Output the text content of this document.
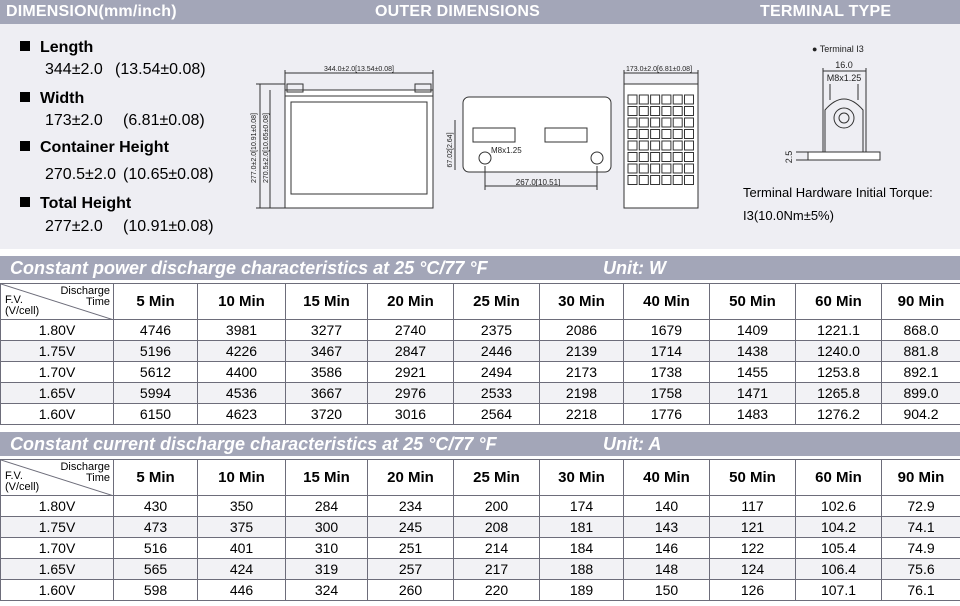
DIMENSION(mm/inch)	OUTER DIMENSIONS	TERMINAL TYPE
Length
344±2.0 (13.54±0.08)
Width
173±2.0 (6.81±0.08)
Container Height
270.5±2.0 (10.65±0.08)
Total Height
277±2.0 (10.91±0.08)
Terminal Hardware Initial Torque:
I3(10.0Nm±5%)
344.0±2.0[13.54±0.08]
277.0±2.0[10.91±0.08] 270.5±2.0[10.65±0.08]	67.02[2.64]	M8x1.25
267.0[10.51]
173.0±2.0[6.81±0.08]
● Terminal I3
16.0
M8x1.25
2.5
Constant power discharge characteristics at 25 °C/77 °F	Unit: W
Discharge
Time
F.V.
(V/cell)	5 Min	10 Min	15 Min	20 Min	25 Min	30 Min	40 Min	50 Min	60 Min	90 Min
1.80V	4746	3981	3277	2740	2375	2086	1679	1409	1221.1	868.0
1.75V	5196	4226	3467	2847	2446	2139	1714	1438	1240.0	881.8
1.70V	5612	4400	3586	2921	2494	2173	1738	1455	1253.8	892.1
1.65V	5994	4536	3667	2976	2533	2198	1758	1471	1265.8	899.0
1.60V	6150	4623	3720	3016	2564	2218	1776	1483	1276.2	904.2
Constant current discharge characteristics at 25 °C/77 °F	Unit: A
Discharge
Time
F.V.
(V/cell)	5 Min	10 Min	15 Min	20 Min	25 Min	30 Min	40 Min	50 Min	60 Min	90 Min
1.80V	430	350	284	234	200	174	140	117	102.6	72.9
1.75V	473	375	300	245	208	181	143	121	104.2	74.1
1.70V	516	401	310	251	214	184	146	122	105.4	74.9
1.65V	565	424	319	257	217	188	148	124	106.4	75.6
1.60V	598	446	324	260	220	189	150	126	107.1	76.1
